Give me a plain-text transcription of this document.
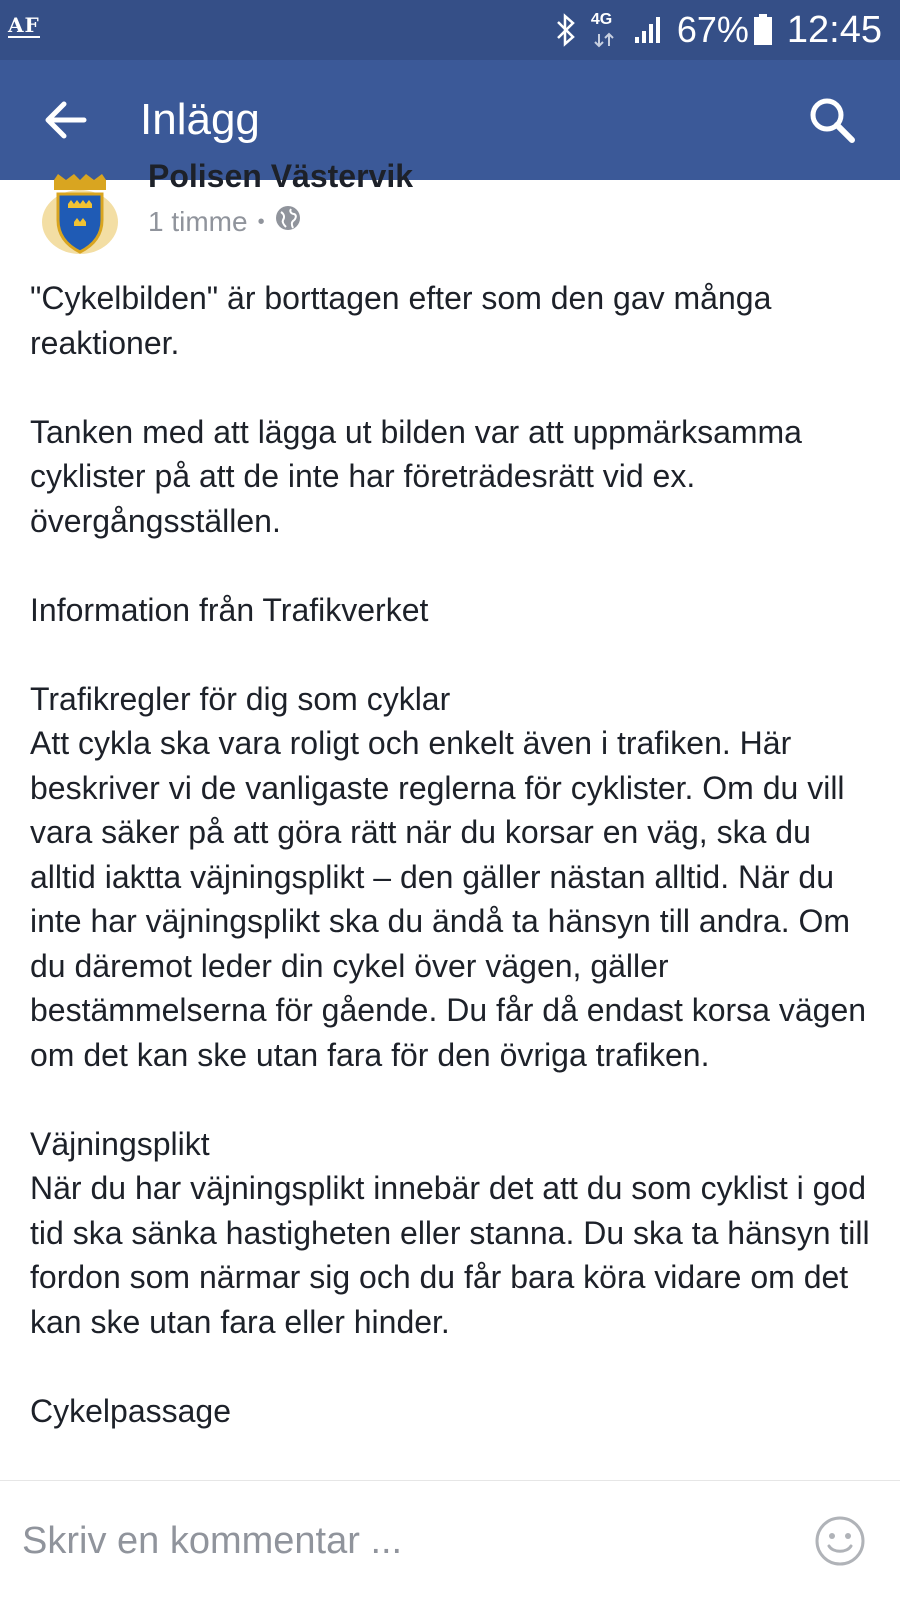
AF	4G 67% 12:45
Inlägg
Polisen Västervik
1 timme •

"Cykelbilden" är borttagen efter som den gav många reaktioner.

Tanken med att lägga ut bilden var att uppmärksamma cyklister på att de inte har företrädesrätt vid ex. övergångsställen.

Information från Trafikverket

Trafikregler för dig som cyklar
Att cykla ska vara roligt och enkelt även i trafiken. Här beskriver vi de vanligaste reglerna för cyklister. Om du vill vara säker på att göra rätt när du korsar en väg, ska du alltid iaktta väjningsplikt – den gäller nästan alltid. När du inte har väjningsplikt ska du ändå ta hänsyn till andra. Om du däremot leder din cykel över vägen, gäller bestämmelserna för gående. Du får då endast korsa vägen om det kan ske utan fara för den övriga trafiken.

Väjningsplikt
När du har väjningsplikt innebär det att du som cyklist i god tid ska sänka hastigheten eller stanna. Du ska ta hänsyn till fordon som närmar sig och du får bara köra vidare om det kan ske utan fara eller hinder.

Cykelpassage

Skriv en kommentar ...
